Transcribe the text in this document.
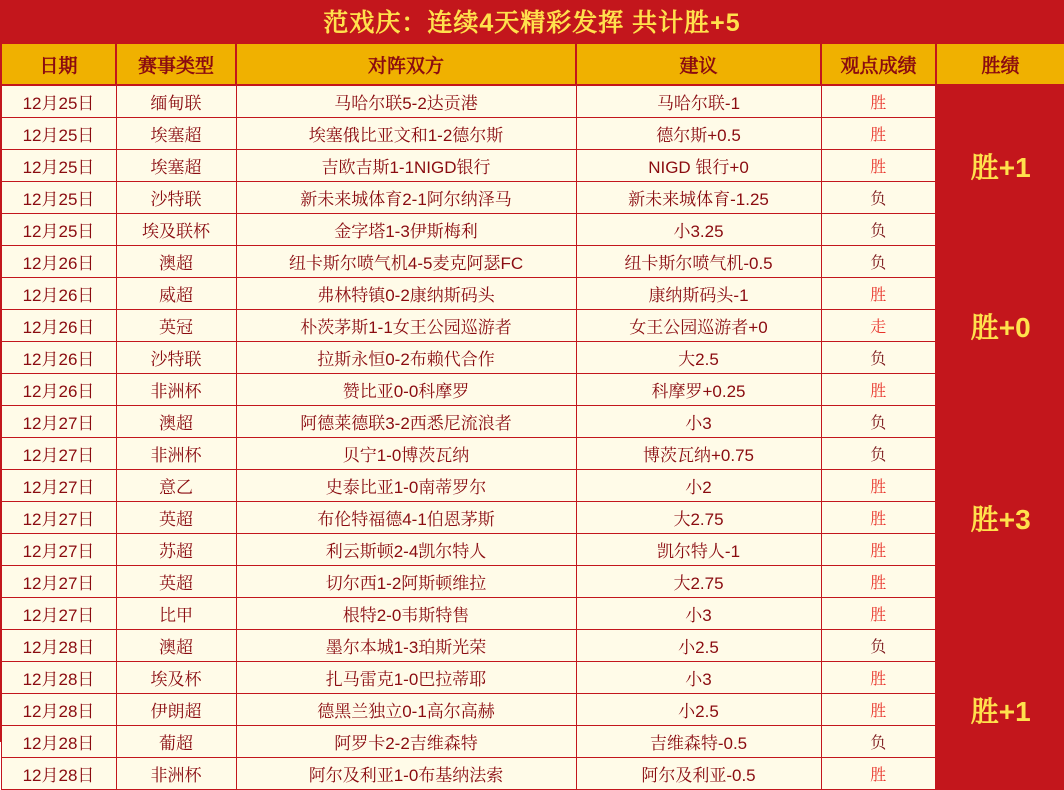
范戏庆：连续4天精彩发挥 共计胜+5
日期	赛事类型	对阵双方	建议	观点成绩	胜绩
12月25日	缅甸联	马哈尔联5-2达贡港	马哈尔联-1	胜	胜+1
12月25日	埃塞超	埃塞俄比亚文和1-2德尔斯	德尔斯+0.5	胜	
12月25日	埃塞超	吉欧吉斯1-1NIGD银行	NIGD 银行+0	胜	
12月25日	沙特联	新未来城体育2-1阿尔纳泽马	新未来城体育-1.25	负	
12月25日	埃及联杯	金字塔1-3伊斯梅利	小3.25	负	
12月26日	澳超	纽卡斯尔喷气机4-5麦克阿瑟FC	纽卡斯尔喷气机-0.5	负	胜+0
12月26日	威超	弗林特镇0-2康纳斯码头	康纳斯码头-1	胜	
12月26日	英冠	朴茨茅斯1-1女王公园巡游者	女王公园巡游者+0	走	
12月26日	沙特联	拉斯永恒0-2布赖代合作	大2.5	负	
12月26日	非洲杯	赞比亚0-0科摩罗	科摩罗+0.25	胜	
12月27日	澳超	阿德莱德联3-2西悉尼流浪者	小3	负	胜+3
12月27日	非洲杯	贝宁1-0博茨瓦纳	博茨瓦纳+0.75	负	
12月27日	意乙	史泰比亚1-0南蒂罗尔	小2	胜	
12月27日	英超	布伦特福德4-1伯恩茅斯	大2.75	胜	
12月27日	苏超	利云斯顿2-4凯尔特人	凯尔特人-1	胜	
12月27日	英超	切尔西1-2阿斯顿维拉	大2.75	胜	
12月27日	比甲	根特2-0韦斯特售	小3	胜	
12月28日	澳超	墨尔本城1-3珀斯光荣	小2.5	负	胜+1
12月28日	埃及杯	扎马雷克1-0巴拉蒂耶	小3	胜	
12月28日	伊朗超	德黑兰独立0-1高尔高赫	小2.5	胜	
12月28日	葡超	阿罗卡2-2吉维森特	吉维森特-0.5	负	
12月28日	非洲杯	阿尔及利亚1-0布基纳法索	阿尔及利亚-0.5	胜	
